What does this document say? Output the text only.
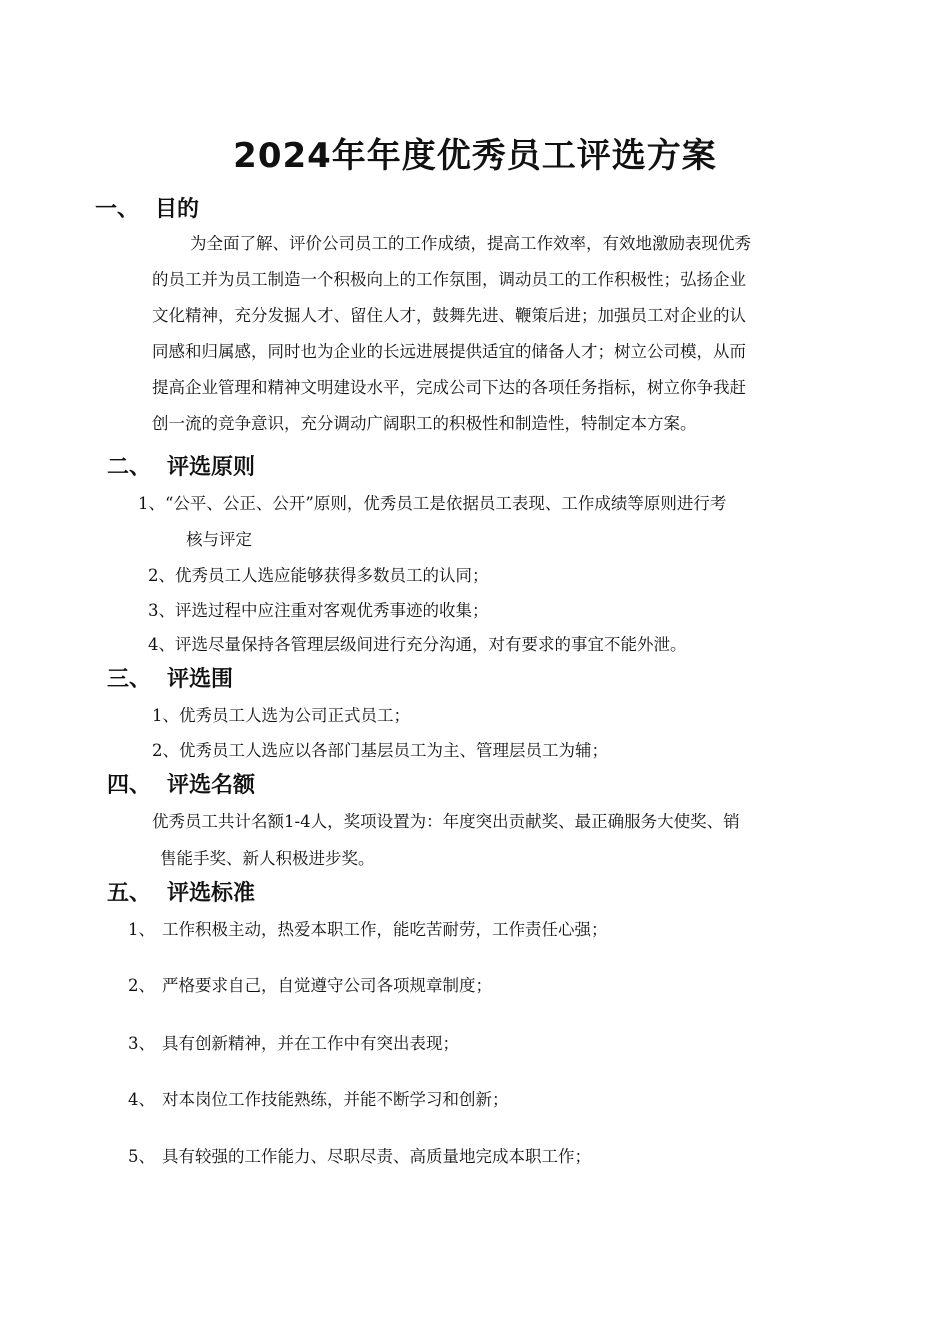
2024年年度优秀员工评选方案
一、 目的
为全面了解、评价公司员工的工作成绩，提高工作效率，有效地激励表现优秀
的员工并为员工制造一个积极向上的工作氛围，调动员工的工作积极性；弘扬企业
文化精神，充分发掘人才、留住人才，鼓舞先进、鞭策后进；加强员工对企业的认
同感和归属感，同时也为企业的长远进展提供适宜的储备人才；树立公司模，从而
提高企业管理和精神文明建设水平，完成公司下达的各项任务指标，树立你争我赶
创一流的竞争意识，充分调动广阔职工的积极性和制造性，特制定本方案。
二、 评选原则
1、“公平、公正、公开”原则，优秀员工是依据员工表现、工作成绩等原则进行考
核与评定
2、优秀员工人选应能够获得多数员工的认同；
3、评选过程中应注重对客观优秀事迹的收集；
4、评选尽量保持各管理层级间进行充分沟通，对有要求的事宜不能外泄。
三、 评选围
1、优秀员工人选为公司正式员工；
2、优秀员工人选应以各部门基层员工为主、管理层员工为辅；
四、 评选名额
优秀员工共计名额1-4人，奖项设置为：年度突出贡献奖、最正确服务大使奖、销
售能手奖、新人积极进步奖。
五、 评选标准
1、 工作积极主动，热爱本职工作，能吃苦耐劳，工作责任心强；
2、 严格要求自己，自觉遵守公司各项规章制度；
3、 具有创新精神，并在工作中有突出表现；
4、 对本岗位工作技能熟练，并能不断学习和创新；
5、 具有较强的工作能力、尽职尽责、高质量地完成本职工作；
